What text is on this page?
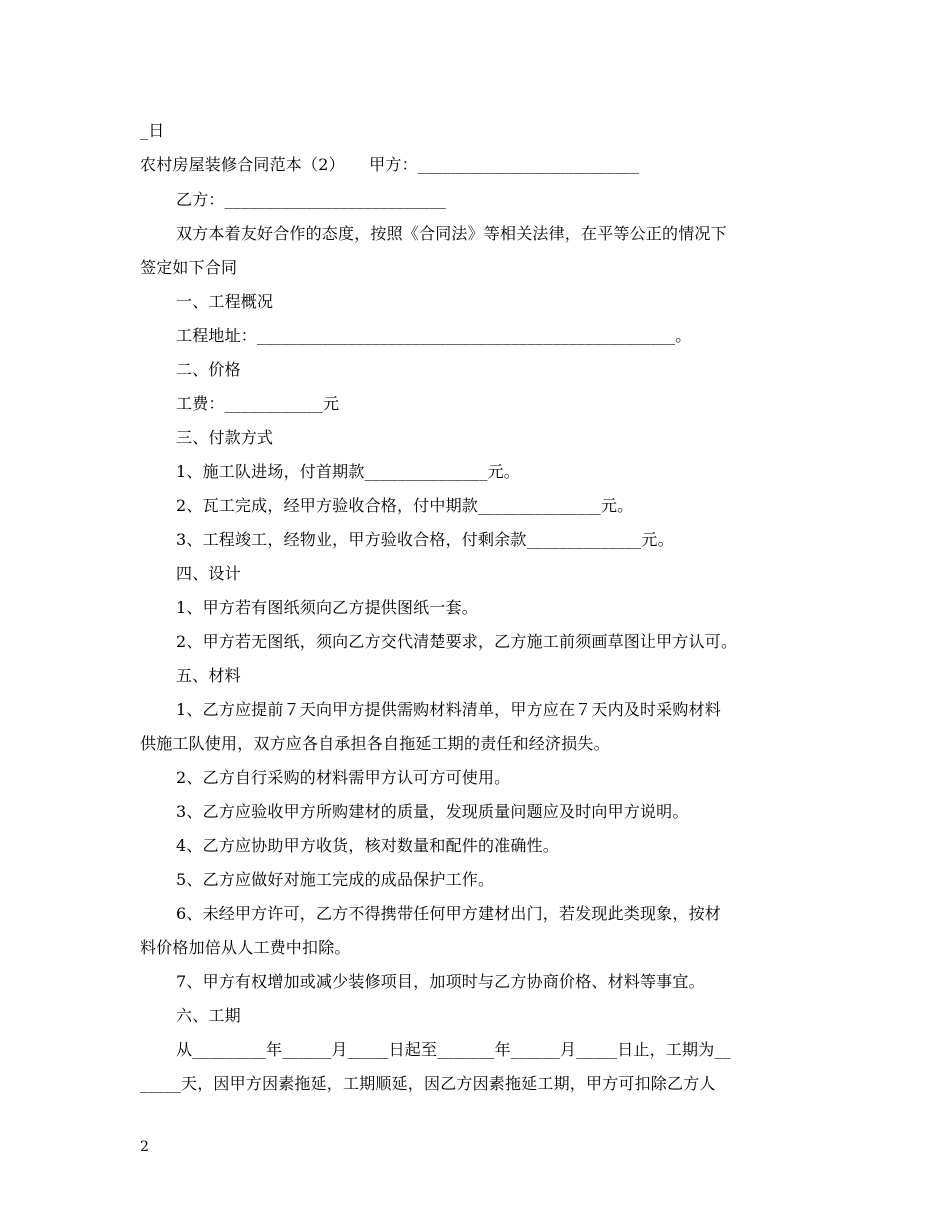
_日
农村房屋装修合同范本（2）　　甲方：___________________________
乙方：___________________________
双方本着友好合作的态度，按照《合同法》等相关法律，在平等公正的情况下
签定如下合同
一、工程概况
工程地址：___________________________________________________。
二、价格
工费：____________元
三、付款方式
1、施工队进场，付首期款_______________元。
2、瓦工完成，经甲方验收合格，付中期款_______________元。
3、工程竣工，经物业，甲方验收合格，付剩余款______________元。
四、设计
1、甲方若有图纸须向乙方提供图纸一套。
2、甲方若无图纸，须向乙方交代清楚要求，乙方施工前须画草图让甲方认可。
五、材料
1、乙方应提前７天向甲方提供需购材料清单，甲方应在７天内及时采购材料
供施工队使用，双方应各自承担各自拖延工期的责任和经济损失。
2、乙方自行采购的材料需甲方认可方可使用。
3、乙方应验收甲方所购建材的质量，发现质量问题应及时向甲方说明。
4、乙方应协助甲方收货，核对数量和配件的准确性。
5、乙方应做好对施工完成的成品保护工作。
6、未经甲方许可，乙方不得携带任何甲方建材出门，若发现此类现象，按材
料价格加倍从人工费中扣除。
7、甲方有权增加或减少装修项目，加项时与乙方协商价格、材料等事宜。
六、工期
从_________年______月_____日起至_______年______月_____日止，工期为__
_____天，因甲方因素拖延，工期顺延，因乙方因素拖延工期，甲方可扣除乙方人
2
